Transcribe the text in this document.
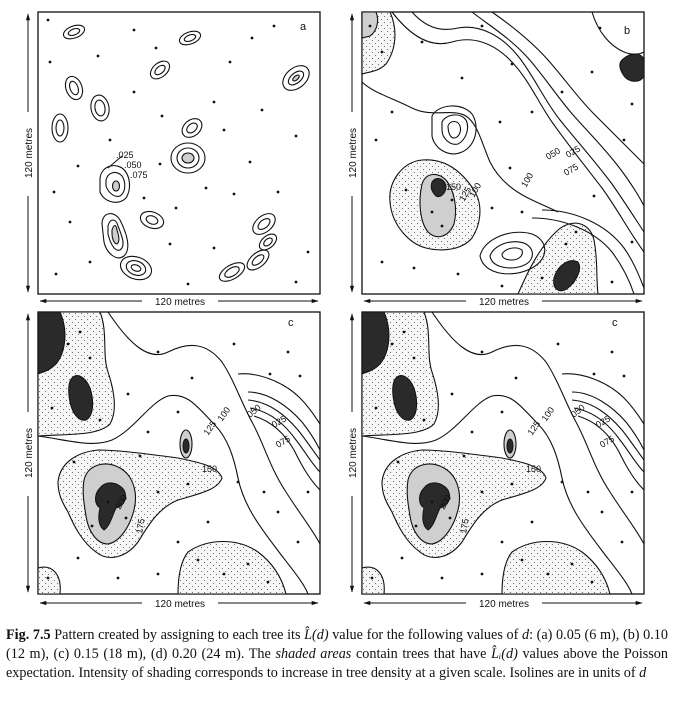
.025
.050
.075
a
150
125
100
050 025
075
100
b
c	c
120 metres	120 metres
120 metres	120 metres
120 metres	120 metres
120 metres	120 metres
125
100 050
025
075
150
200
175
125
100 050
025
075
150
200
175
Fig. 7.5 Pattern created by assigning to each tree its L̂(d) value for the following values of d: (a) 0.05 (6 m), (b) 0.10 (12 m), (c) 0.15 (18 m), (d) 0.20 (24 m). The shaded areas contain trees that have L̂ᵢ(d) values above the Poisson expectation. Intensity of shading corresponds to increase in tree density at a given scale. Isolines are in units of d
